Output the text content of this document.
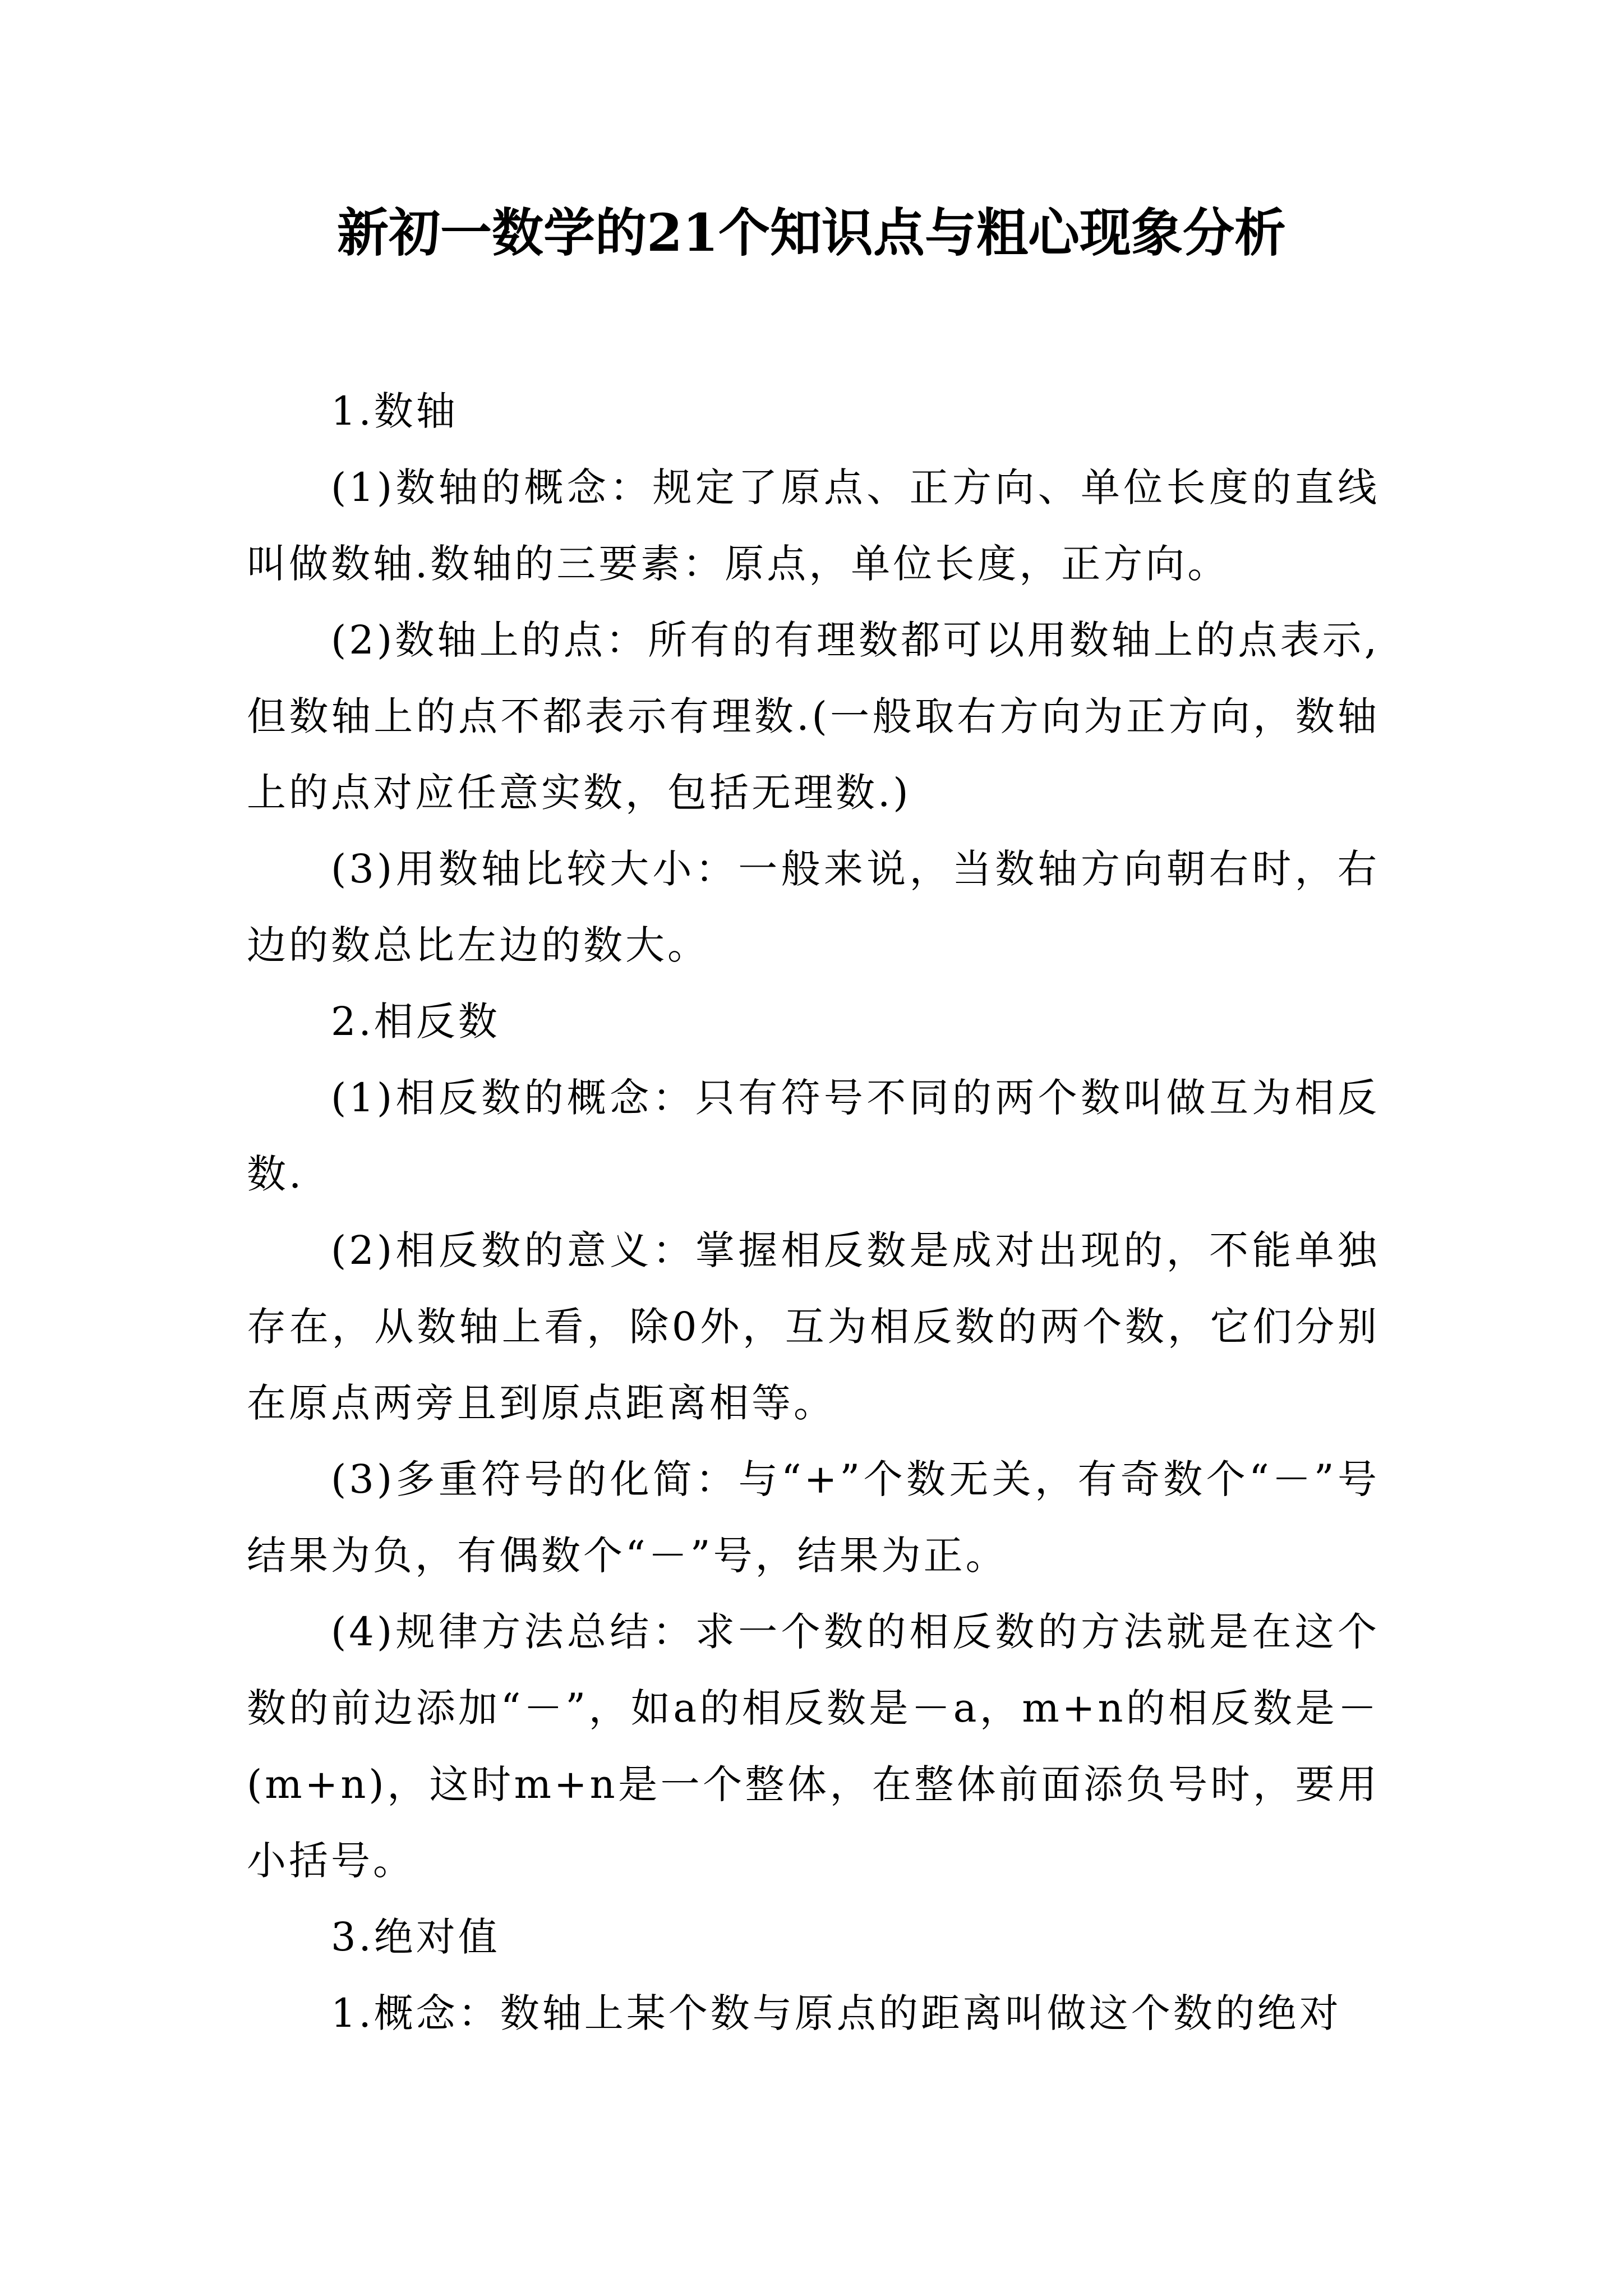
新初一数学的21个知识点与粗心现象分析

1.数轴

(1)数轴的概念：规定了原点、正方向、单位长度的直线叫做数轴.数轴的三要素：原点，单位长度，正方向。

(2)数轴上的点：所有的有理数都可以用数轴上的点表示,但数轴上的点不都表示有理数.(一般取右方向为正方向，数轴上的点对应任意实数，包括无理数.)

(3)用数轴比较大小：一般来说，当数轴方向朝右时，右边的数总比左边的数大。

2.相反数

(1)相反数的概念：只有符号不同的两个数叫做互为相反数.

(2)相反数的意义：掌握相反数是成对出现的，不能单独存在，从数轴上看，除0外，互为相反数的两个数，它们分别在原点两旁且到原点距离相等。

(3)多重符号的化简：与“+”个数无关，有奇数个“－”号结果为负，有偶数个“－”号，结果为正。

(4)规律方法总结：求一个数的相反数的方法就是在这个数的前边添加“－”，如a的相反数是－a，m+n的相反数是－(m+n)，这时m+n是一个整体，在整体前面添负号时，要用小括号。

3.绝对值

1.概念：数轴上某个数与原点的距离叫做这个数的绝对
